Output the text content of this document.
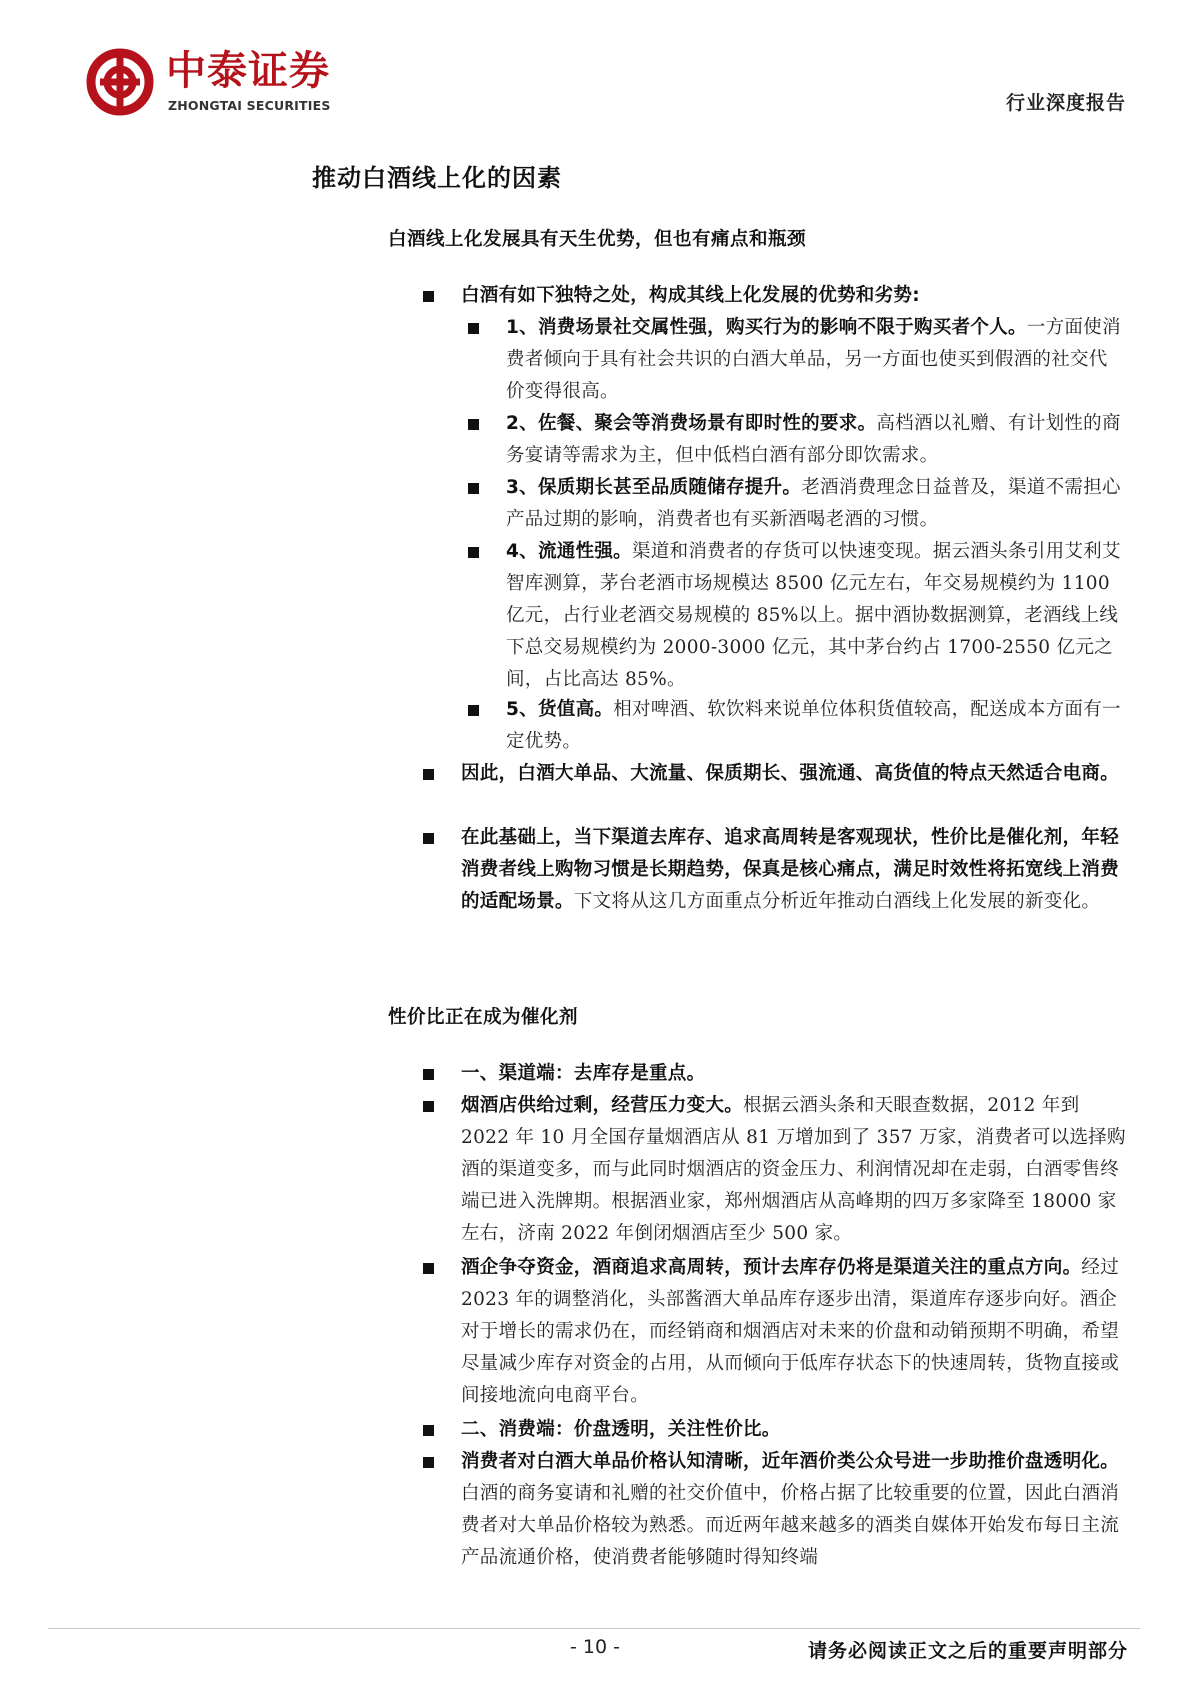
中泰证券
ZHONGTAI SECURITIES	行业深度报告
推动白酒线上化的因素
白酒线上化发展具有天生优势，但也有痛点和瓶颈
白酒有如下独特之处，构成其线上化发展的优势和劣势:
1、消费场景社交属性强，购买行为的影响不限于购买者个人。一方面使消费者倾向于具有社会共识的白酒大单品，另一方面也使买到假酒的社交代价变得很高。
2、佐餐、聚会等消费场景有即时性的要求。高档酒以礼赠、有计划性的商务宴请等需求为主，但中低档白酒有部分即饮需求。
3、保质期长甚至品质随储存提升。老酒消费理念日益普及，渠道不需担心产品过期的影响，消费者也有买新酒喝老酒的习惯。
4、流通性强。渠道和消费者的存货可以快速变现。据云酒头条引用艾利艾智库测算，茅台老酒市场规模达 8500 亿元左右，年交易规模约为 1100 亿元，占行业老酒交易规模的 85%以上。据中酒协数据测算，老酒线上线下总交易规模约为 2000-3000 亿元，其中茅台约占 1700-2550 亿元之间，占比高达 85%。
5、货值高。相对啤酒、软饮料来说单位体积货值较高，配送成本方面有一定优势。
因此，白酒大单品、大流量、保质期长、强流通、高货值的特点天然适合电商。
在此基础上，当下渠道去库存、追求高周转是客观现状，性价比是催化剂，年轻消费者线上购物习惯是长期趋势，保真是核心痛点，满足时效性将拓宽线上消费的适配场景。下文将从这几方面重点分析近年推动白酒线上化发展的新变化。
性价比正在成为催化剂
一、渠道端：去库存是重点。
烟酒店供给过剩，经营压力变大。根据云酒头条和天眼查数据，2012 年到 2022 年 10 月全国存量烟酒店从 81 万增加到了 357 万家，消费者可以选择购酒的渠道变多，而与此同时烟酒店的资金压力、利润情况却在走弱，白酒零售终端已进入洗牌期。根据酒业家，郑州烟酒店从高峰期的四万多家降至 18000 家左右，济南 2022 年倒闭烟酒店至少 500 家。
酒企争夺资金，酒商追求高周转，预计去库存仍将是渠道关注的重点方向。经过 2023 年的调整消化，头部酱酒大单品库存逐步出清，渠道库存逐步向好。酒企对于增长的需求仍在，而经销商和烟酒店对未来的价盘和动销预期不明确，希望尽量减少库存对资金的占用，从而倾向于低库存状态下的快速周转，货物直接或间接地流向电商平台。
二、消费端：价盘透明，关注性价比。
消费者对白酒大单品价格认知清晰，近年酒价类公众号进一步助推价盘透明化。白酒的商务宴请和礼赠的社交价值中，价格占据了比较重要的位置，因此白酒消费者对大单品价格较为熟悉。而近两年越来越多的酒类自媒体开始发布每日主流产品流通价格，使消费者能够随时得知终端
- 10 -	请务必阅读正文之后的重要声明部分
